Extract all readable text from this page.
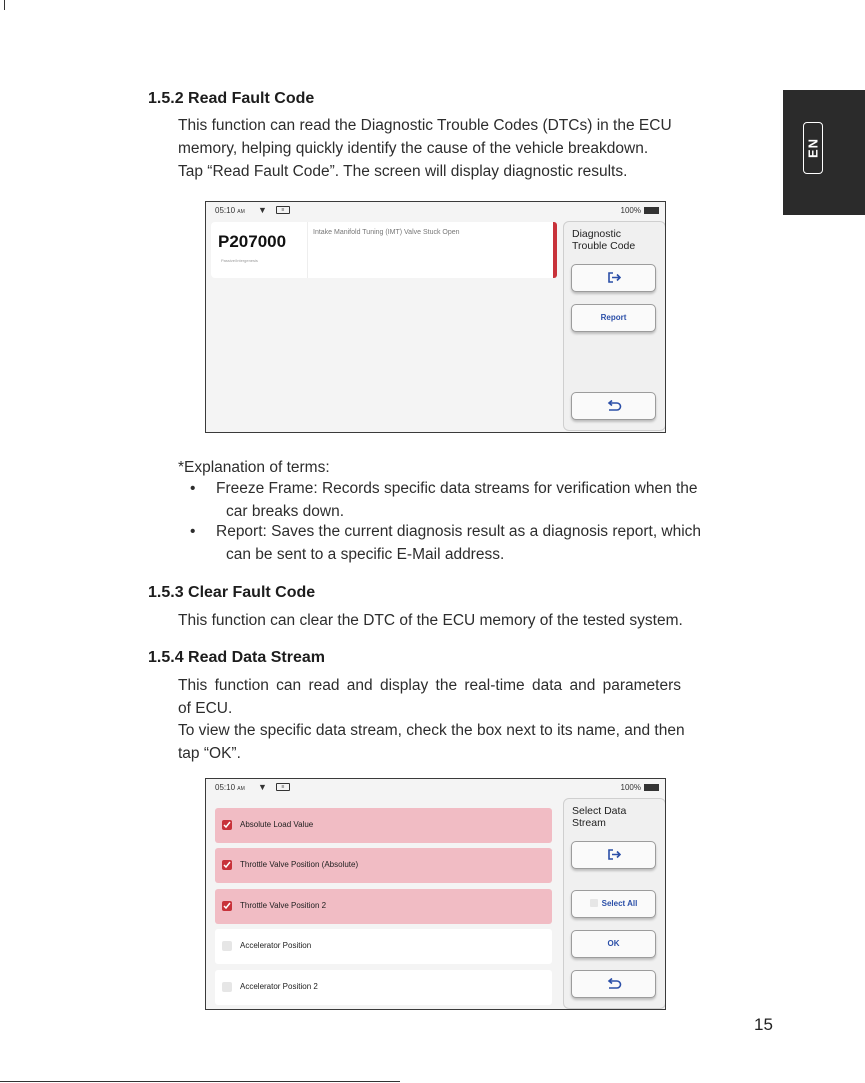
EN
1.5.2 Read Fault Code
This function can read the Diagnostic Trouble Codes (DTCs) in the ECU
memory, helping quickly identify the cause of the vehicle breakdown.
Tap “Read Fault Code”. The screen will display diagnostic results.
05:10 AM ▼	≡	100%
P207000
Passive/Intergenesis
Intake Manifold Tuning (IMT) Valve Stuck Open	Diagnostic
Trouble Code
Report
*Explanation of terms:
•	Freeze Frame: Records specific data streams for verification when the
car breaks down.
•	Report: Saves the current diagnosis result as a diagnosis report, which
can be sent to a specific E-Mail address.
1.5.3 Clear Fault Code
This function can clear the DTC of the ECU memory of the tested system.
1.5.4 Read Data Stream
This function can read and display the real-time data and parameters
of ECU.
To view the specific data stream, check the box next to its name, and then
tap “OK”.
05:10 AM ▼	≡	100%
Absolute Load Value
Throttle Valve Position (Absolute)
Throttle Valve Position 2
Accelerator Position
Accelerator Position 2
Select Data
Stream
Select All
OK
15
